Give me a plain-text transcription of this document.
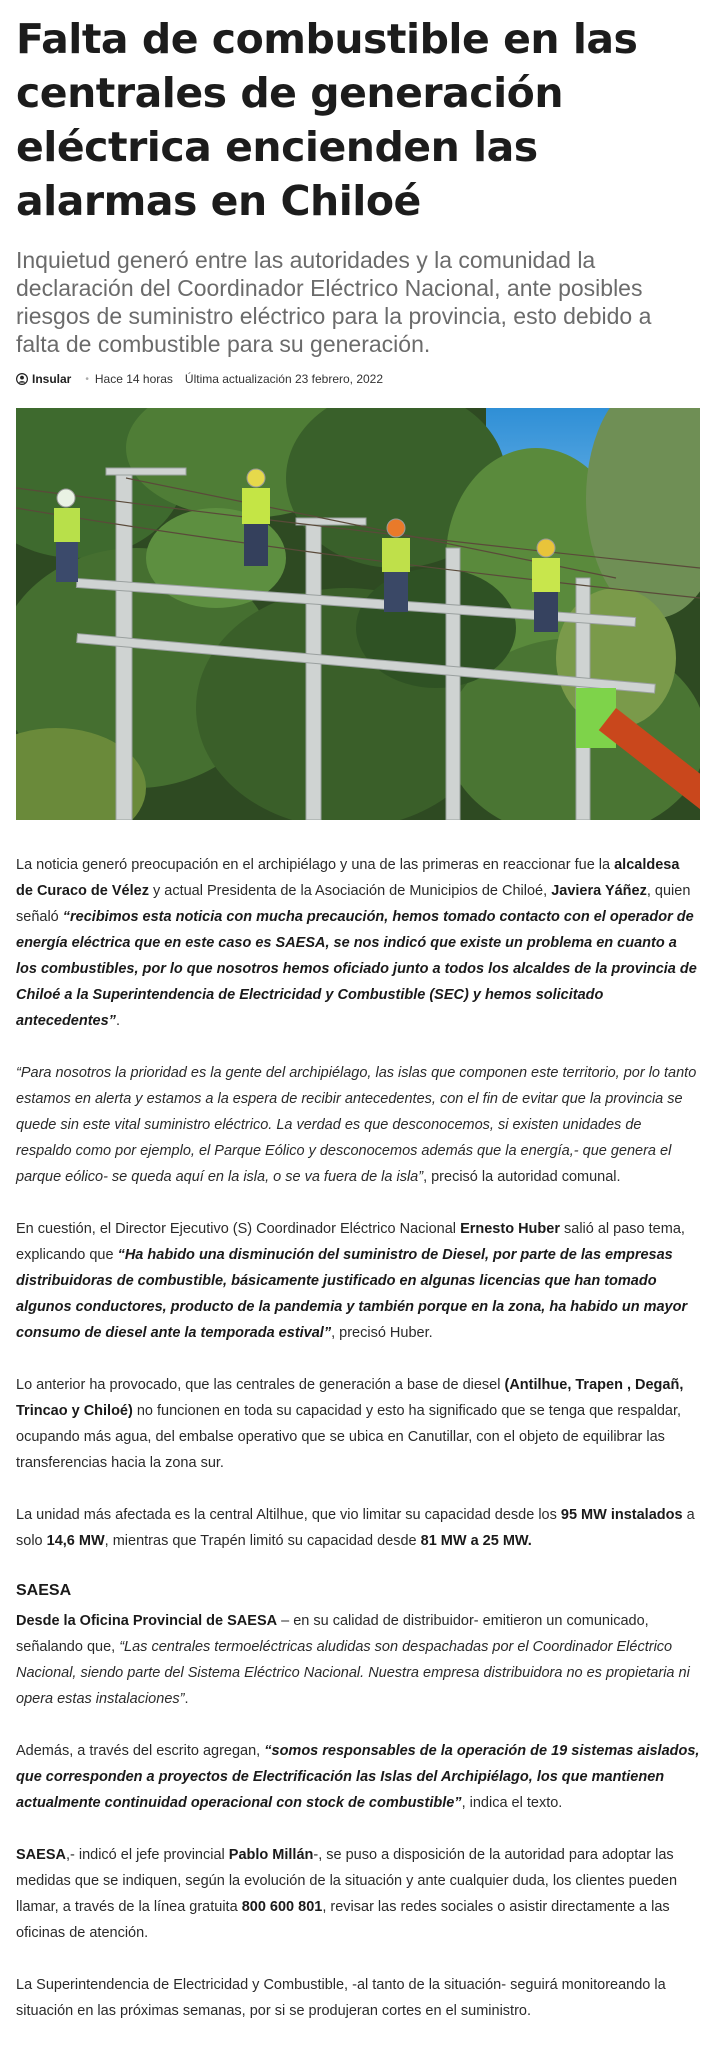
Falta de combustible en las centrales de generación eléctrica encienden las alarmas en Chiloé

Inquietud generó entre las autoridades y la comunidad la declaración del Coordinador Eléctrico Nacional, ante posibles riesgos de suministro eléctrico para la provincia, esto debido a falta de combustible para su generación.

Insular • Hace 14 horas Última actualización 23 febrero, 2022

La noticia generó preocupación en el archipiélago y una de las primeras en reaccionar fue la alcaldesa de Curaco de Vélez y actual Presidenta de la Asociación de Municipios de Chiloé, Javiera Yáñez, quien señaló “recibimos esta noticia con mucha precaución, hemos tomado contacto con el operador de energía eléctrica que en este caso es SAESA, se nos indicó que existe un problema en cuanto a los combustibles, por lo que nosotros hemos oficiado junto a todos los alcaldes de la provincia de Chiloé a la Superintendencia de Electricidad y Combustible (SEC) y hemos solicitado antecedentes”.

“Para nosotros la prioridad es la gente del archipiélago, las islas que componen este territorio, por lo tanto estamos en alerta y estamos a la espera de recibir antecedentes, con el fin de evitar que la provincia se quede sin este vital suministro eléctrico. La verdad es que desconocemos, si existen unidades de respaldo como por ejemplo, el Parque Eólico y desconocemos además que la energía,- que genera el parque eólico- se queda aquí en la isla, o se va fuera de la isla”, precisó la autoridad comunal.

En cuestión, el Director Ejecutivo (S) Coordinador Eléctrico Nacional Ernesto Huber salió al paso tema, explicando que “Ha habido una disminución del suministro de Diesel, por parte de las empresas distribuidoras de combustible, básicamente justificado en algunas licencias que han tomado algunos conductores, producto de la pandemia y también porque en la zona, ha habido un mayor consumo de diesel ante la temporada estival”, precisó Huber.

Lo anterior ha provocado, que las centrales de generación a base de diesel (Antilhue, Trapen , Degañ, Trincao y Chiloé) no funcionen en toda su capacidad y esto ha significado que se tenga que respaldar, ocupando más agua, del embalse operativo que se ubica en Canutillar, con el objeto de equilibrar las transferencias hacia la zona sur.

La unidad más afectada es la central Altilhue, que vio limitar su capacidad desde los 95 MW instalados a solo 14,6 MW, mientras que Trapén limitó su capacidad desde 81 MW a 25 MW.

SAESA

Desde la Oficina Provincial de SAESA – en su calidad de distribuidor- emitieron un comunicado, señalando que, “Las centrales termoeléctricas aludidas son despachadas por el Coordinador Eléctrico Nacional, siendo parte del Sistema Eléctrico Nacional. Nuestra empresa distribuidora no es propietaria ni opera estas instalaciones”.

Además, a través del escrito agregan, “somos responsables de la operación de 19 sistemas aislados, que corresponden a proyectos de Electrificación las Islas del Archipiélago, los que mantienen actualmente continuidad operacional con stock de combustible”, indica el texto.

SAESA,- indicó el jefe provincial Pablo Millán-, se puso a disposición de la autoridad para adoptar las medidas que se indiquen, según la evolución de la situación y ante cualquier duda, los clientes pueden llamar, a través de la línea gratuita 800 600 801, revisar las redes sociales o asistir directamente a las oficinas de atención.

La Superintendencia de Electricidad y Combustible, -al tanto de la situación- seguirá monitoreando la situación en las próximas semanas, por si se produjeran cortes en el suministro.
